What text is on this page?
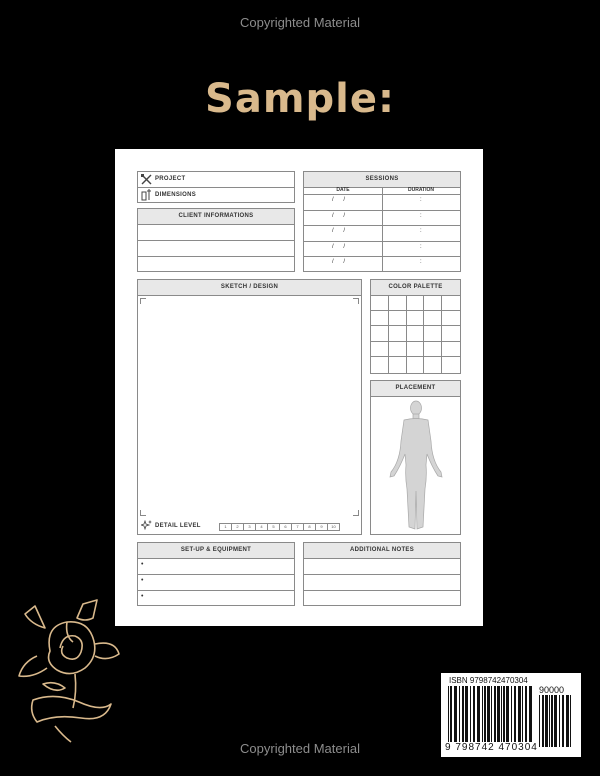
Copyrighted Material
Sample:
PROJECT
DIMENSIONS
CLIENT INFORMATIONS
SESSIONS
DATE	DURATION
/ /	:
/ /	:
/ /	:
/ /	:
/ /	:
SKETCH / DESIGN
DETAIL LEVEL	1	2	3	4	5	6	7	8	9	10
COLOR PALETTE
PLACEMENT
SET-UP & EQUIPMENT
•
•
•
ADDITIONAL NOTES
ISBN 9798742470304
90000
9 798742 470304
Copyrighted Material
